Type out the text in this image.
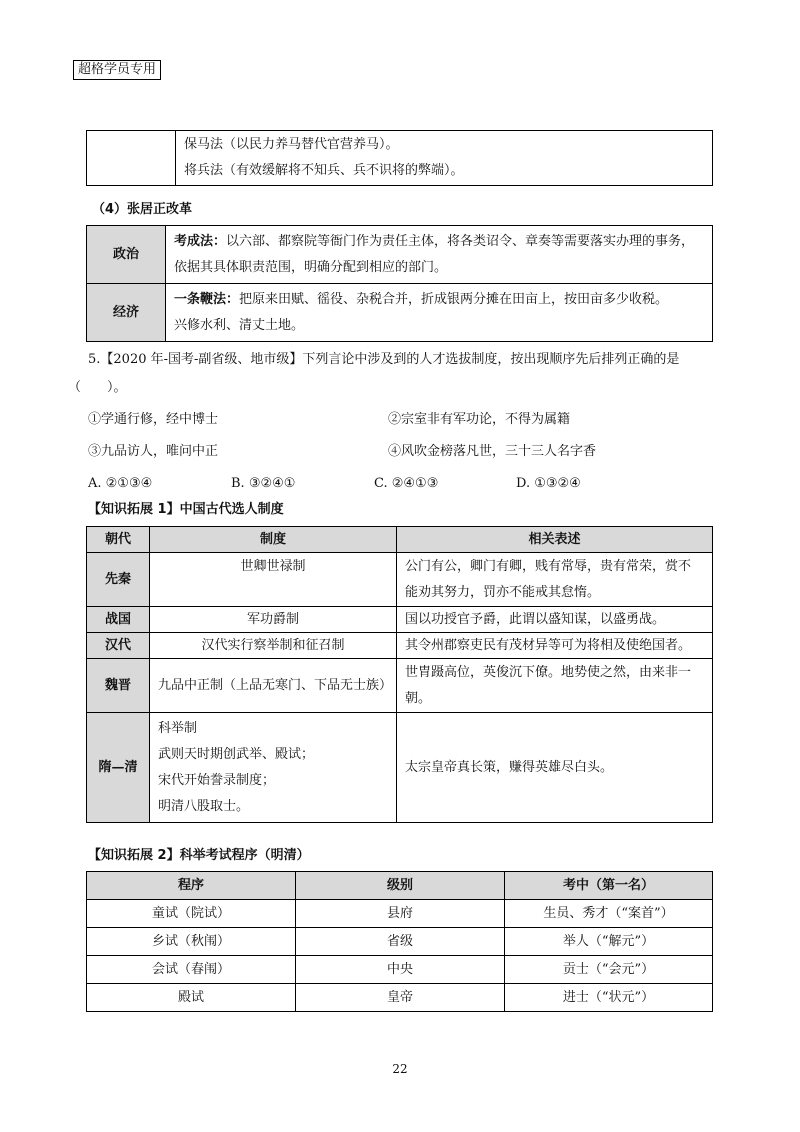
超格学员专用

保马法（以民力养马替代官营养马）。
将兵法（有效缓解将不知兵、兵不识将的弊端）。
（4）张居正改革
政治	考成法：以六部、都察院等衙门作为责任主体，将各类诏令、章奏等需要落实办理的事务，
依据其具体职责范围，明确分配到相应的部门。

经济	一条鞭法：把原来田赋、徭役、杂税合并，折成银两分摊在田亩上，按田亩多少收税。
兴修水利、清丈土地。

5.【2020 年-国考-副省级、地市级】下列言论中涉及到的人才选拔制度，按出现顺序先后排列正确的是

（　　）。

①学通行修，经中博士	②宗室非有军功论，不得为属籍

③九品访人，唯问中正	④风吹金榜落凡世，三十三人名字香

A. ②①③④	B. ③②④①	C. ②④①③	D. ①③②④

【知识拓展 1】中国古代选人制度
朝代	制度	相关表述
先秦	世卿世禄制	公门有公，卿门有卿，贱有常辱，贵有常荣，赏不
能劝其努力，罚亦不能戒其怠惰。

战国	军功爵制	国以功授官予爵，此谓以盛知谋，以盛勇战。
汉代	汉代实行察举制和征召制	其令州郡察吏民有茂材异等可为将相及使绝国者。
魏晋	九品中正制（上品无寒门、下品无士族）	世胄蹑高位，英俊沉下僚。地势使之然，由来非一
朝。

隋—清	科举制
武则天时期创武举、殿试；
宋代开始誊录制度；
明清八股取士。	太宗皇帝真长策，赚得英雄尽白头。
【知识拓展 2】科举考试程序（明清）
程序	级别	考中（第一名）
童试（院试）	县府	生员、秀才（“案首”）
乡试（秋闱）	省级	举人（“解元”）
会试（春闱）	中央	贡士（“会元”）
殿试	皇帝	进士（“状元”）
22
